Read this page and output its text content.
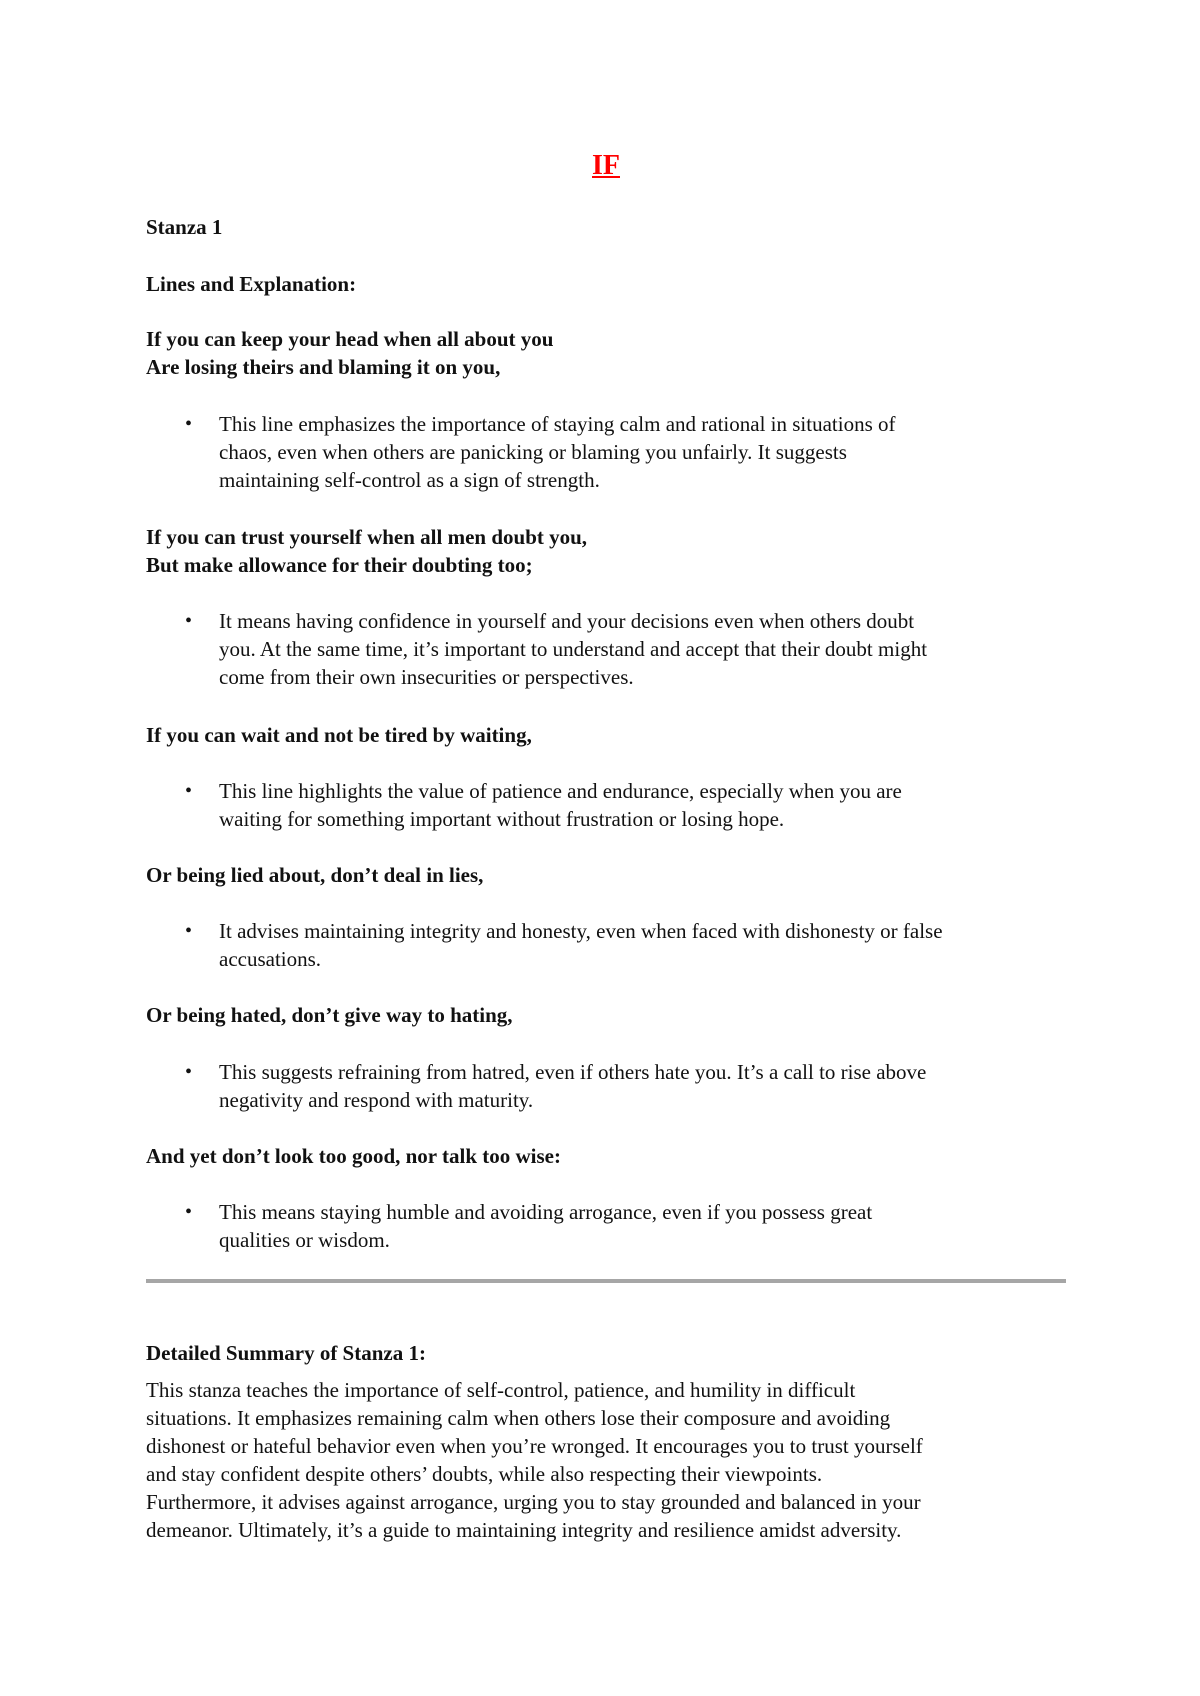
IF
Stanza 1
Lines and Explanation:
If you can keep your head when all about you
Are losing theirs and blaming it on you,
•	This line emphasizes the importance of staying calm and rational in situations of
chaos, even when others are panicking or blaming you unfairly. It suggests
maintaining self-control as a sign of strength.
If you can trust yourself when all men doubt you,
But make allowance for their doubting too;
•	It means having confidence in yourself and your decisions even when others doubt
you. At the same time, it’s important to understand and accept that their doubt might
come from their own insecurities or perspectives.
If you can wait and not be tired by waiting,
•	This line highlights the value of patience and endurance, especially when you are
waiting for something important without frustration or losing hope.
Or being lied about, don’t deal in lies,
•	It advises maintaining integrity and honesty, even when faced with dishonesty or false
accusations.
Or being hated, don’t give way to hating,
•	This suggests refraining from hatred, even if others hate you. It’s a call to rise above
negativity and respond with maturity.
And yet don’t look too good, nor talk too wise:
•	This means staying humble and avoiding arrogance, even if you possess great
qualities or wisdom.
Detailed Summary of Stanza 1:
This stanza teaches the importance of self-control, patience, and humility in difficult
situations. It emphasizes remaining calm when others lose their composure and avoiding
dishonest or hateful behavior even when you’re wronged. It encourages you to trust yourself
and stay confident despite others’ doubts, while also respecting their viewpoints.
Furthermore, it advises against arrogance, urging you to stay grounded and balanced in your
demeanor. Ultimately, it’s a guide to maintaining integrity and resilience amidst adversity.
